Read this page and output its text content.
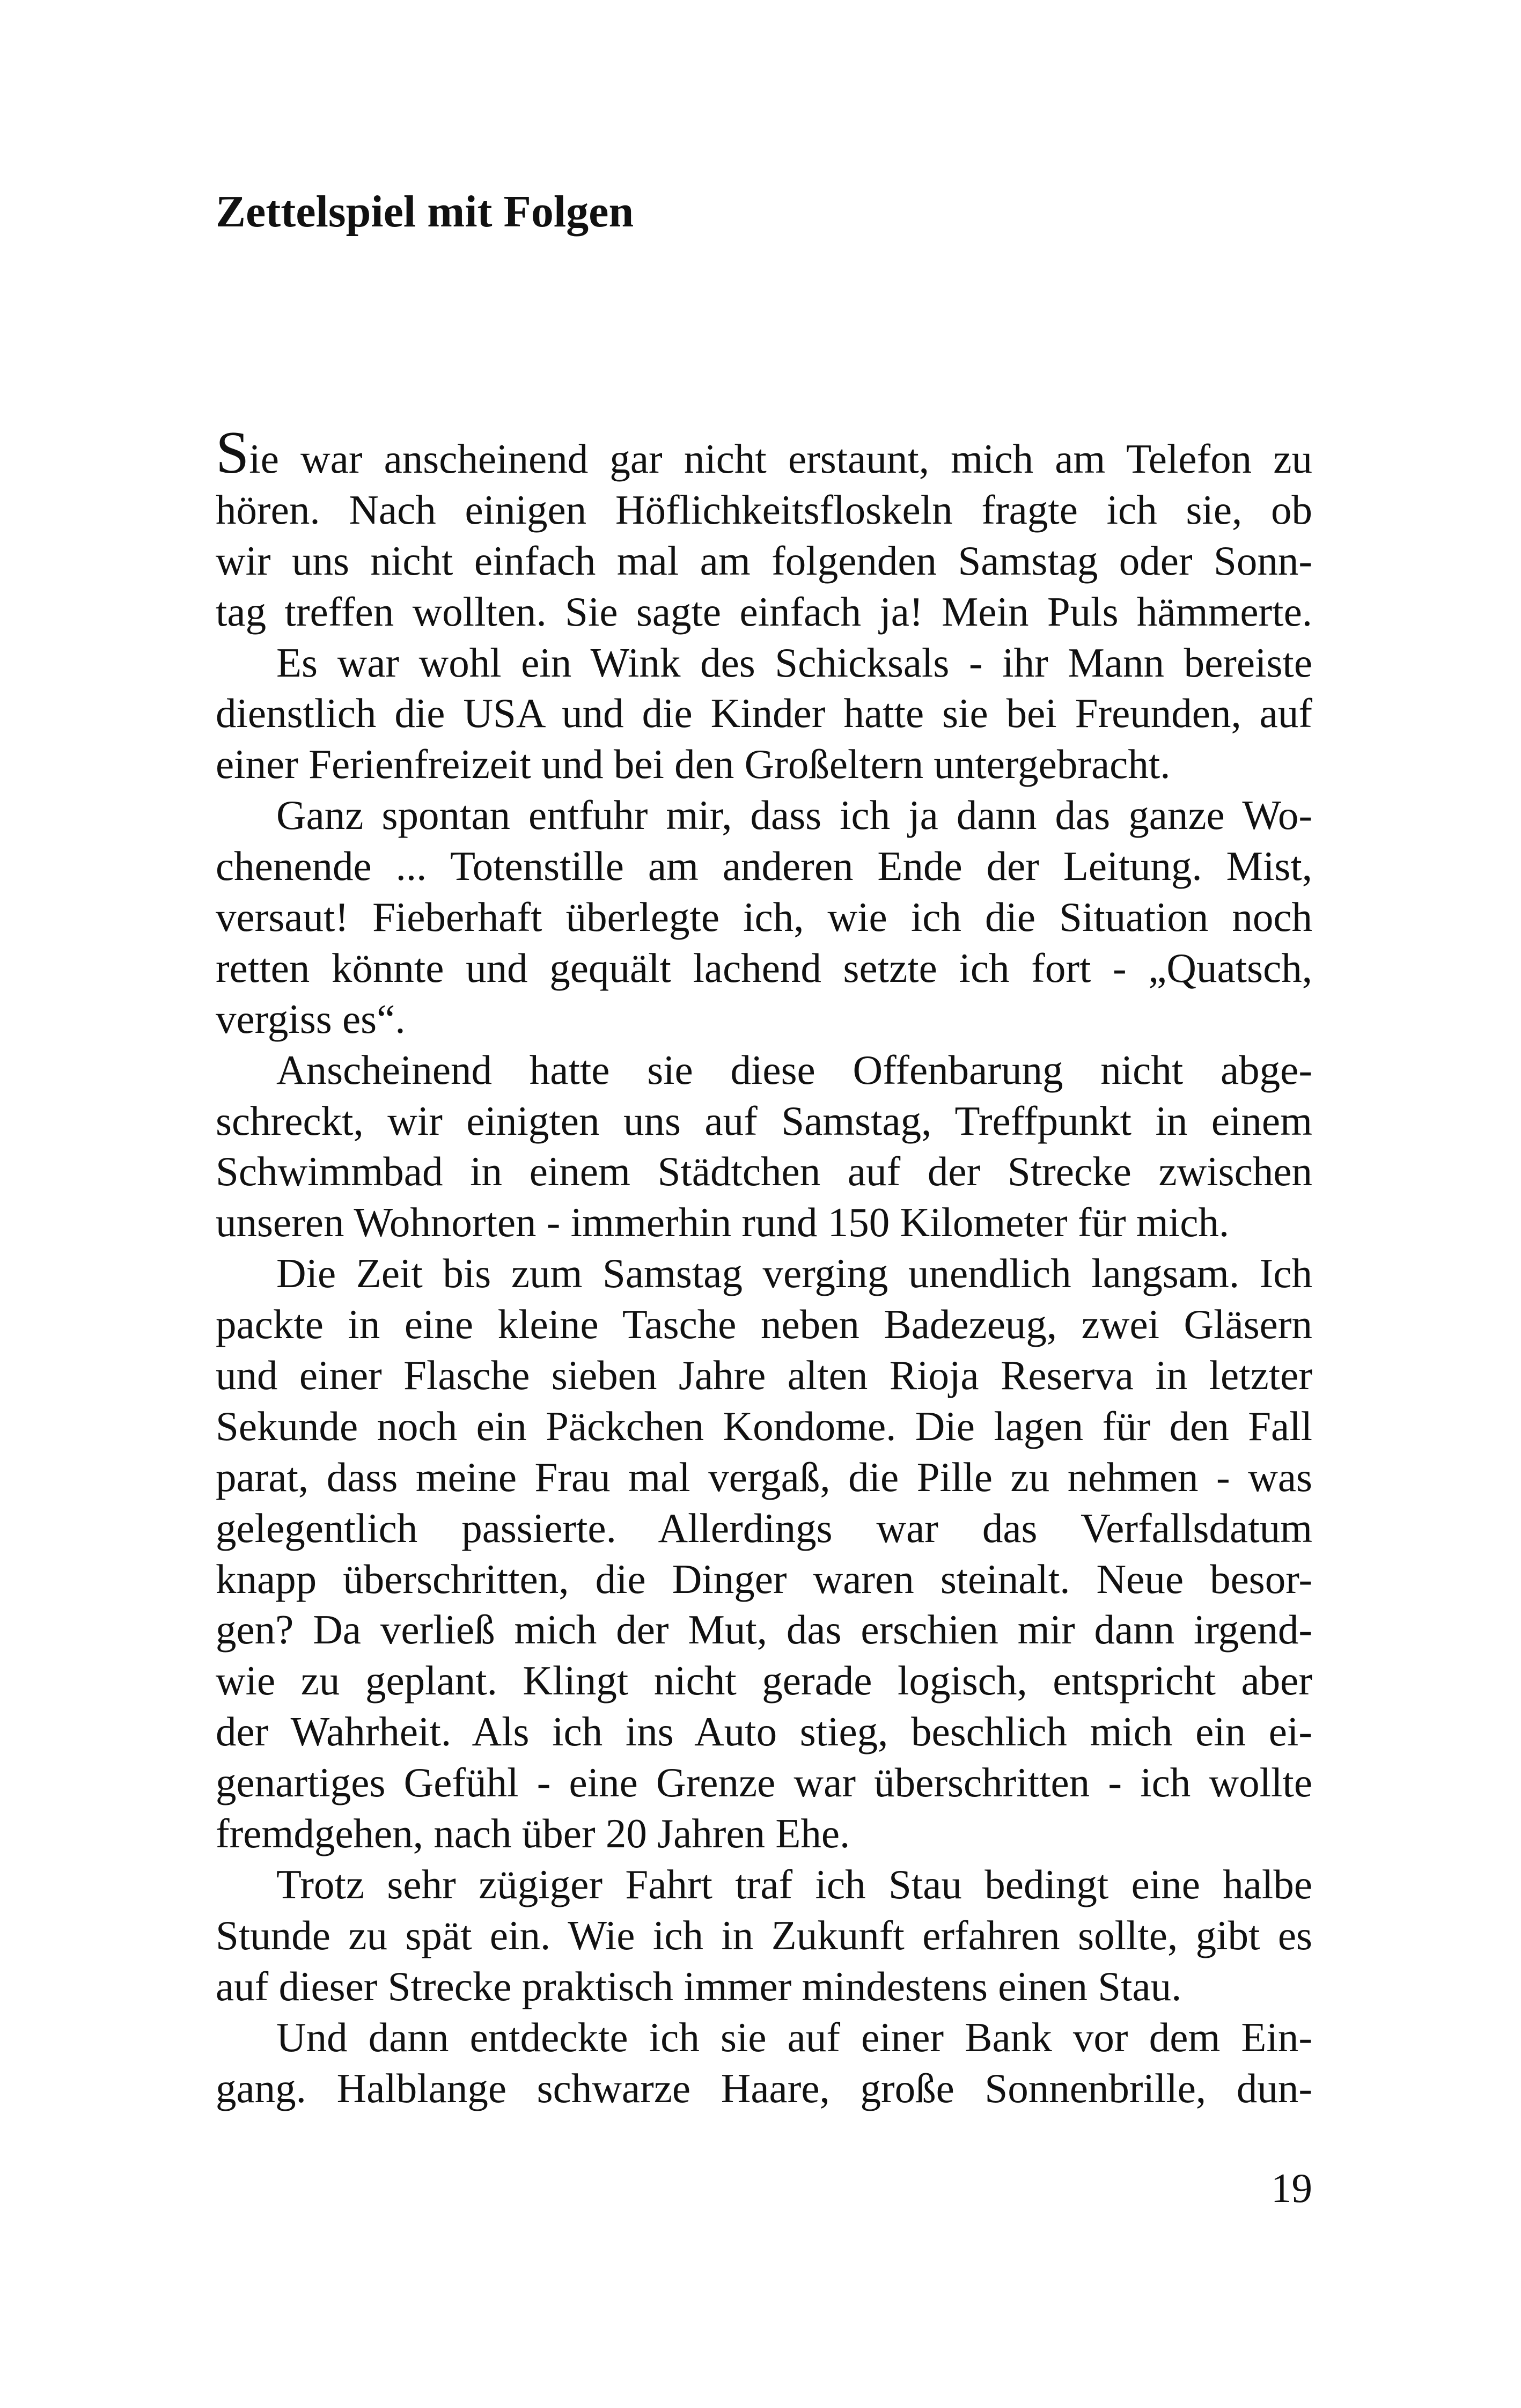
Zettelspiel mit Folgen
Sie war anscheinend gar nicht erstaunt, mich am Telefon zu
hören. Nach einigen Höflichkeitsfloskeln fragte ich sie, ob
wir uns nicht einfach mal am folgenden Samstag oder Sonn-
tag treffen wollten. Sie sagte einfach ja! Mein Puls hämmerte.
Es war wohl ein Wink des Schicksals - ihr Mann bereiste
dienstlich die USA und die Kinder hatte sie bei Freunden, auf
einer Ferienfreizeit und bei den Großeltern untergebracht.
Ganz spontan entfuhr mir, dass ich ja dann das ganze Wo-
chenende ... Totenstille am anderen Ende der Leitung. Mist,
versaut! Fieberhaft überlegte ich, wie ich die Situation noch
retten könnte und gequält lachend setzte ich fort - „Quatsch,
vergiss es“.
Anscheinend hatte sie diese Offenbarung nicht abge-
schreckt, wir einigten uns auf Samstag, Treffpunkt in einem
Schwimmbad in einem Städtchen auf der Strecke zwischen
unseren Wohnorten - immerhin rund 150 Kilometer für mich.
Die Zeit bis zum Samstag verging unendlich langsam. Ich
packte in eine kleine Tasche neben Badezeug, zwei Gläsern
und einer Flasche sieben Jahre alten Rioja Reserva in letzter
Sekunde noch ein Päckchen Kondome. Die lagen für den Fall
parat, dass meine Frau mal vergaß, die Pille zu nehmen - was
gelegentlich passierte. Allerdings war das Verfallsdatum
knapp überschritten, die Dinger waren steinalt. Neue besor-
gen? Da verließ mich der Mut, das erschien mir dann irgend-
wie zu geplant. Klingt nicht gerade logisch, entspricht aber
der Wahrheit. Als ich ins Auto stieg, beschlich mich ein ei-
genartiges Gefühl - eine Grenze war überschritten - ich wollte
fremdgehen, nach über 20 Jahren Ehe.
Trotz sehr zügiger Fahrt traf ich Stau bedingt eine halbe
Stunde zu spät ein. Wie ich in Zukunft erfahren sollte, gibt es
auf dieser Strecke praktisch immer mindestens einen Stau.
Und dann entdeckte ich sie auf einer Bank vor dem Ein-
gang. Halblange schwarze Haare, große Sonnenbrille, dun-
19
